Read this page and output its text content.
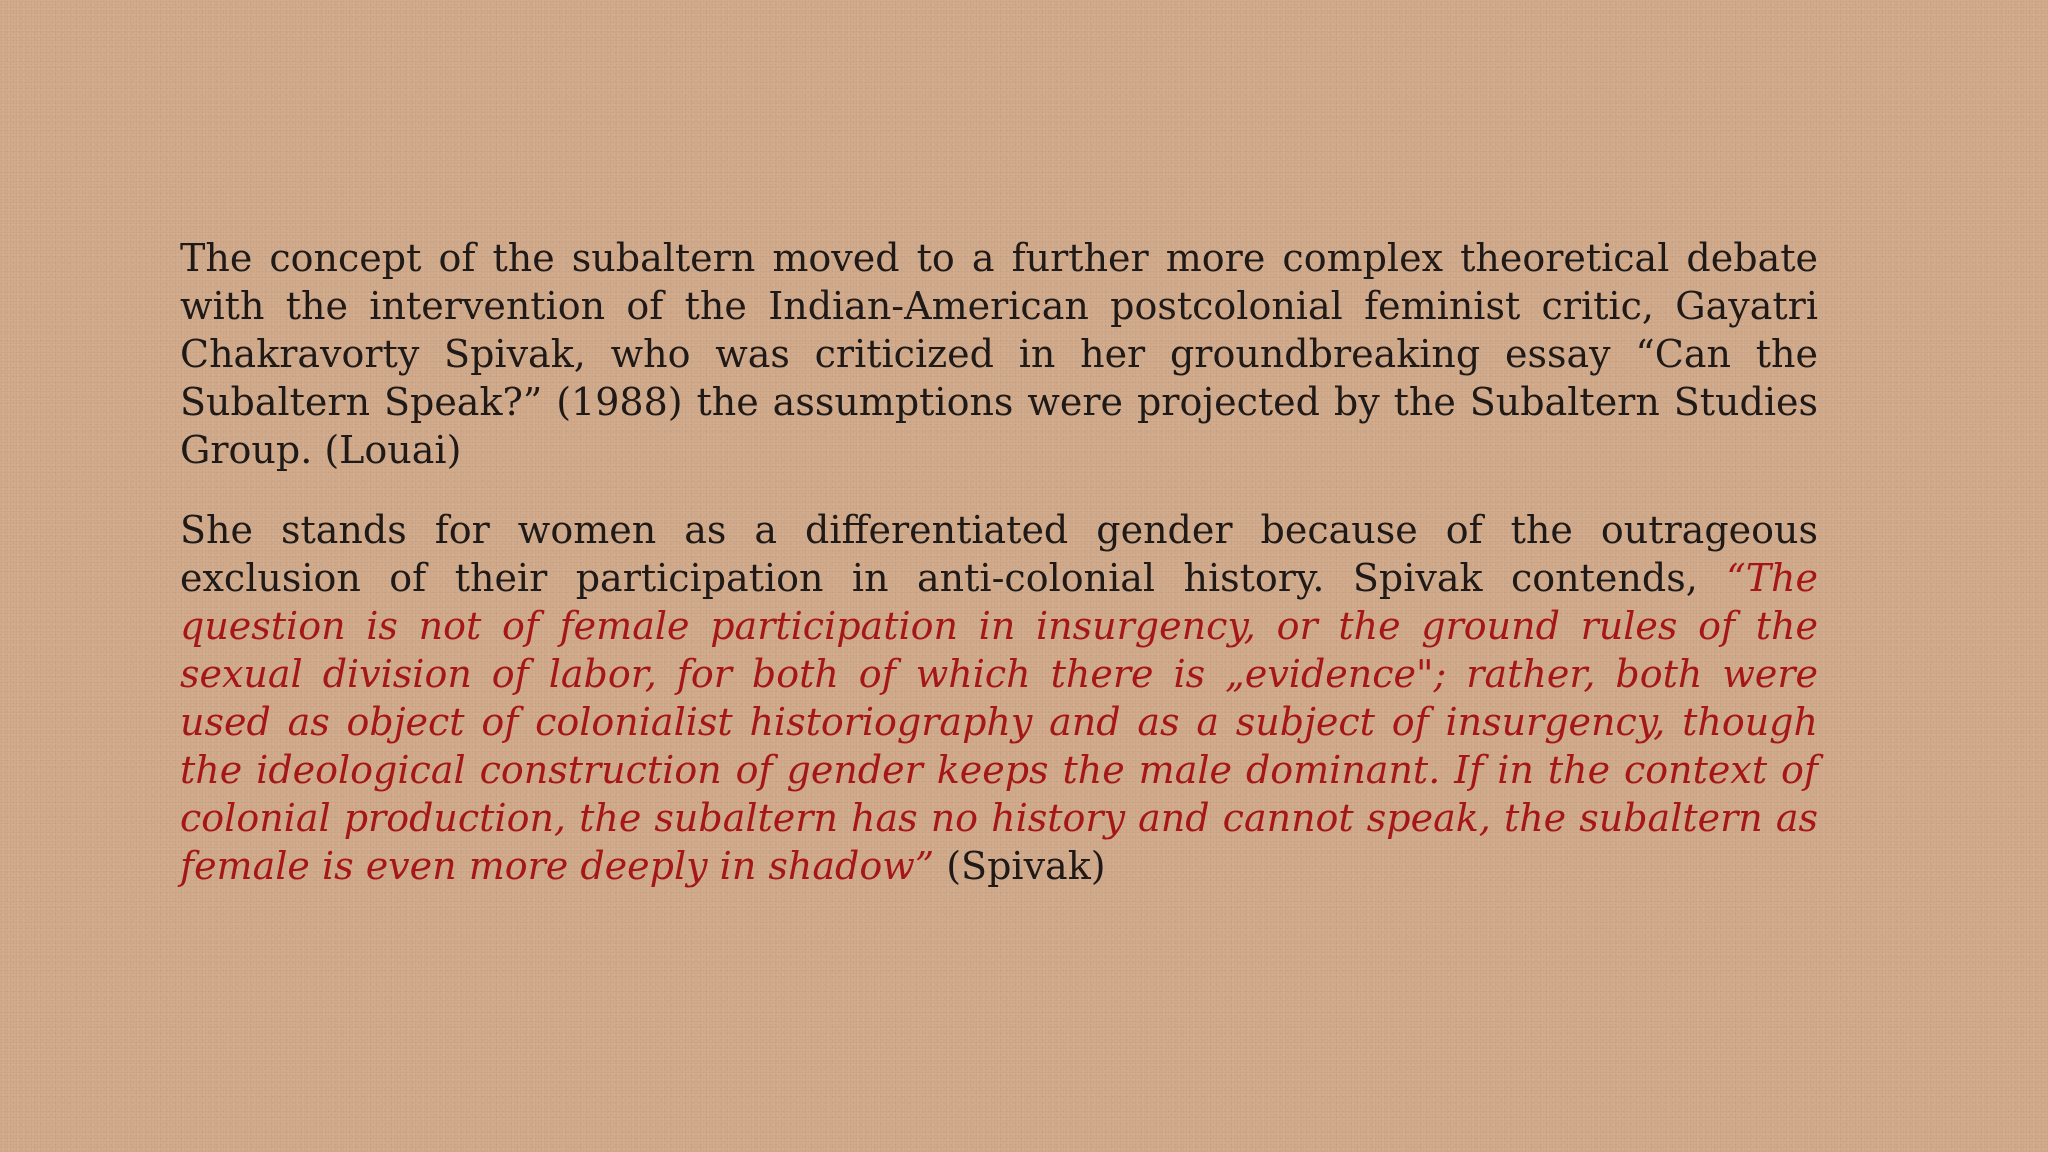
The concept of the subaltern moved to a further more complex theoretical debate with the intervention of the Indian-American postcolonial feminist critic, Gayatri Chakravorty Spivak, who was criticized in her groundbreaking essay “Can the Subaltern Speak?” (1988) the assumptions were projected by the Subaltern Studies Group. (Louai)

She stands for women as a differentiated gender because of the outrageous exclusion of their participation in anti-colonial history. Spivak contends, “The question is not of female participation in insurgency, or the ground rules of the sexual division of labor, for both of which there is „evidence"; rather, both were used as object of colonialist historiography and as a subject of insurgency, though the ideological construction of gender keeps the male dominant. If in the context of colonial production, the subaltern has no history and cannot speak, the subaltern as female is even more deeply in shadow” (Spivak)
